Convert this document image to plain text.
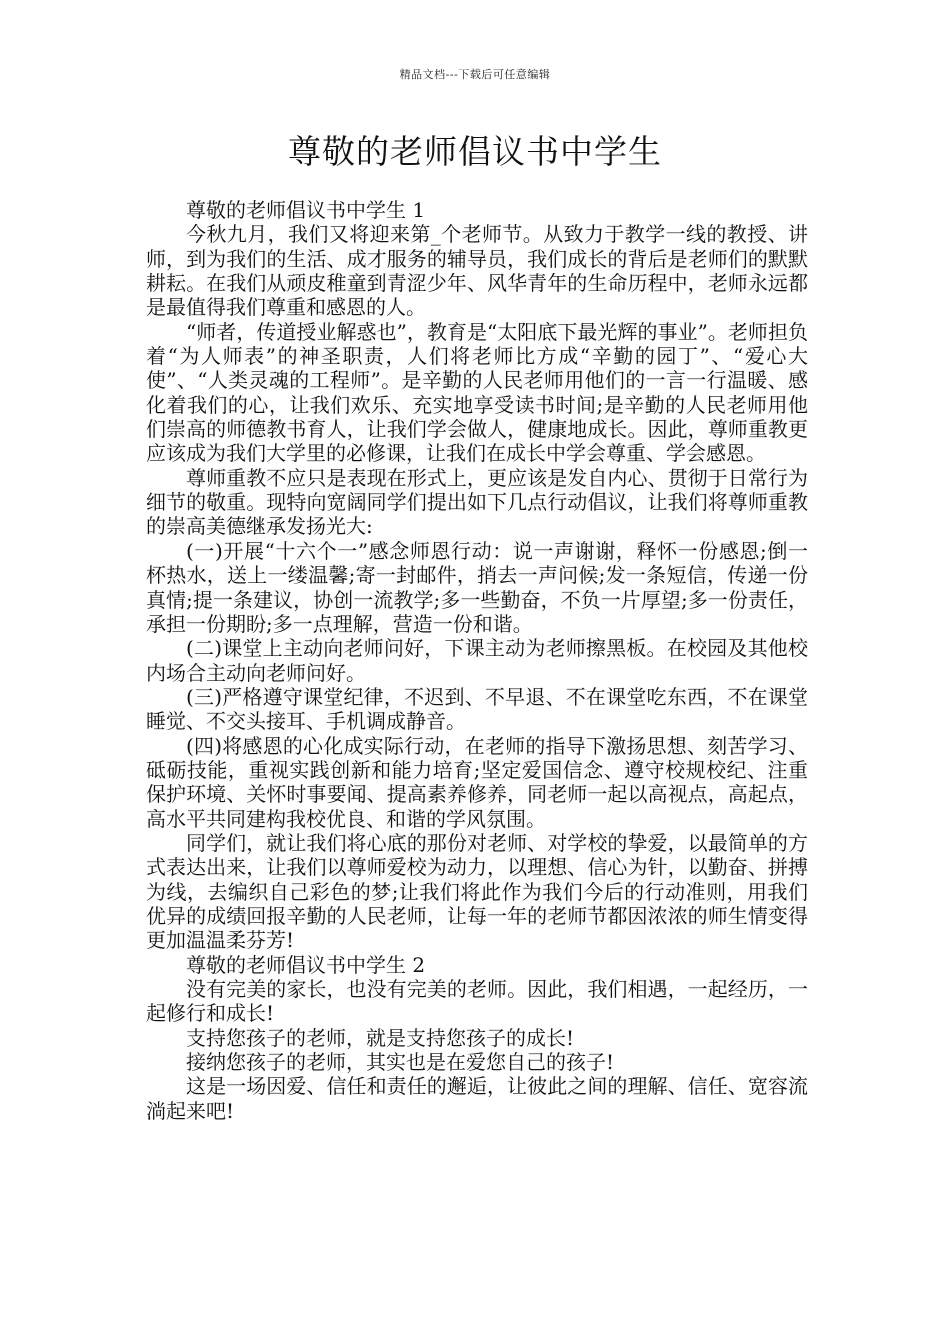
精品文档---下载后可任意编辑
尊敬的老师倡议书中学生

尊敬的老师倡议书中学生 1

今秋九月，我们又将迎来第_个老师节。从致力于教学一线的教授、讲师，到为我们的生活、成才服务的辅导员，我们成长的背后是老师们的默默耕耘。在我们从顽皮稚童到青涩少年、风华青年的生命历程中，老师永远都是最值得我们尊重和感恩的人。

“师者，传道授业解惑也”，教育是“太阳底下最光辉的事业”。老师担负着“为人师表”的神圣职责，人们将老师比方成“辛勤的园丁”、“爱心大使”、“人类灵魂的工程师”。是辛勤的人民老师用他们的一言一行温暖、感化着我们的心，让我们欢乐、充实地享受读书时间;是辛勤的人民老师用他们崇高的师德教书育人，让我们学会做人，健康地成长。因此，尊师重教更应该成为我们大学里的必修课，让我们在成长中学会尊重、学会感恩。

尊师重教不应只是表现在形式上，更应该是发自内心、贯彻于日常行为细节的敬重。现特向宽阔同学们提出如下几点行动倡议，让我们将尊师重教的崇高美德继承发扬光大:

(一)开展“十六个一”感念师恩行动：说一声谢谢，释怀一份感恩;倒一杯热水，送上一缕温馨;寄一封邮件，捎去一声问候;发一条短信，传递一份真情;提一条建议，协创一流教学;多一些勤奋，不负一片厚望;多一份责任，承担一份期盼;多一点理解，营造一份和谐。

(二)课堂上主动向老师问好，下课主动为老师擦黑板。在校园及其他校内场合主动向老师问好。

(三)严格遵守课堂纪律，不迟到、不早退、不在课堂吃东西，不在课堂睡觉、不交头接耳、手机调成静音。

(四)将感恩的心化成实际行动，在老师的指导下激扬思想、刻苦学习、砥砺技能，重视实践创新和能力培育;坚定爱国信念、遵守校规校纪、注重保护环境、关怀时事要闻、提高素养修养，同老师一起以高视点，高起点，高水平共同建构我校优良、和谐的学风氛围。

同学们，就让我们将心底的那份对老师、对学校的挚爱，以最简单的方式表达出来，让我们以尊师爱校为动力，以理想、信心为针，以勤奋、拼搏为线，去编织自己彩色的梦;让我们将此作为我们今后的行动准则，用我们优异的成绩回报辛勤的人民老师，让每一年的老师节都因浓浓的师生情变得更加温温柔芬芳!

尊敬的老师倡议书中学生 2

没有完美的家长，也没有完美的老师。因此，我们相遇，一起经历，一起修行和成长!

支持您孩子的老师，就是支持您孩子的成长!

接纳您孩子的老师，其实也是在爱您自己的孩子!

这是一场因爱、信任和责任的邂逅，让彼此之间的理解、信任、宽容流淌起来吧!
